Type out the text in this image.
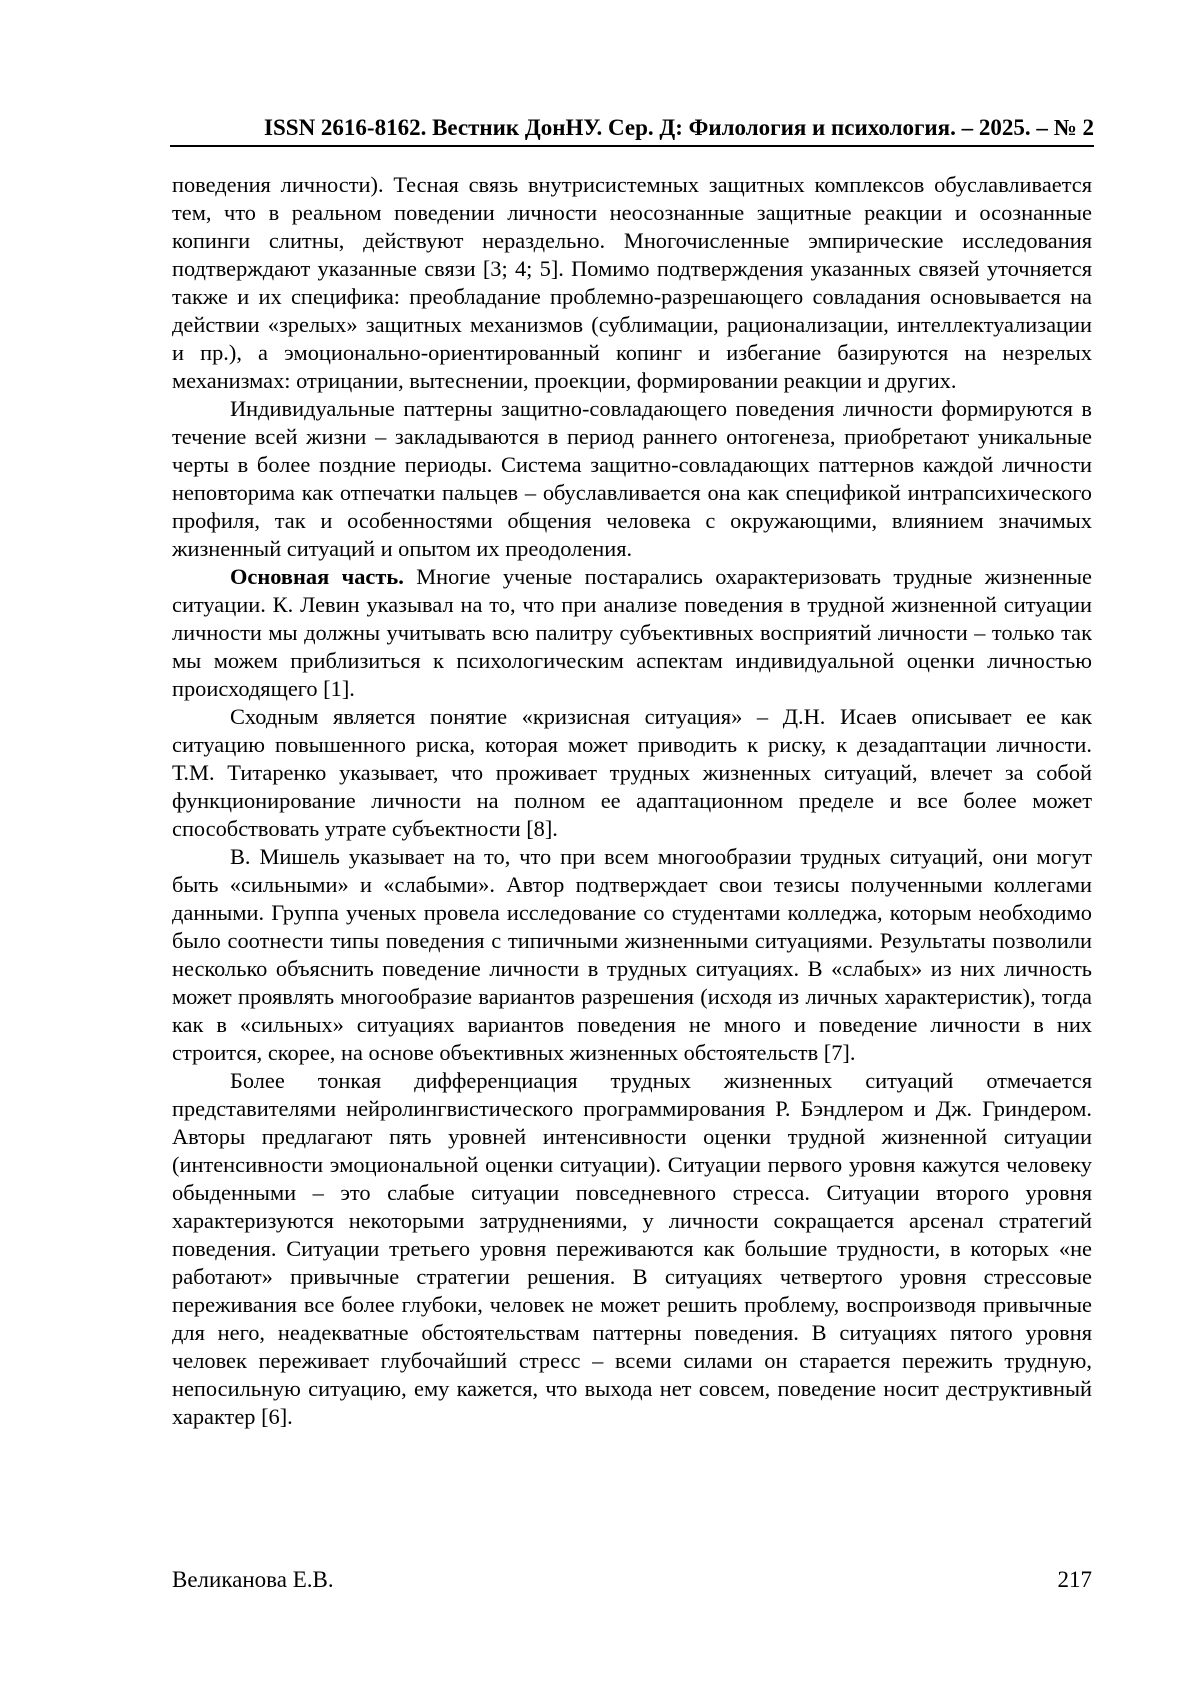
ISSN 2616-8162. Вестник ДонНУ. Сер. Д: Филология и психология. – 2025. – № 2

поведения личности). Тесная связь внутрисистемных защитных комплексов обуславливается тем, что в реальном поведении личности неосознанные защитные реакции и осознанные копинги слитны, действуют нераздельно. Многочисленные эмпирические исследования подтверждают указанные связи [3; 4; 5]. Помимо подтверждения указанных связей уточняется также и их специфика: преобладание проблемно-разрешающего совладания основывается на действии «зрелых» защитных механизмов (сублимации, рационализации, интеллектуализации и пр.), а эмоционально-ориентированный копинг и избегание базируются на незрелых механизмах: отрицании, вытеснении, проекции, формировании реакции и других.

Индивидуальные паттерны защитно-совладающего поведения личности формируются в течение всей жизни – закладываются в период раннего онтогенеза, приобретают уникальные черты в более поздние периоды. Система защитно-совладающих паттернов каждой личности неповторима как отпечатки пальцев – обуславливается она как спецификой интрапсихического профиля, так и особенностями общения человека с окружающими, влиянием значимых жизненный ситуаций и опытом их преодоления.

Основная часть. Многие ученые постарались охарактеризовать трудные жизненные ситуации. К. Левин указывал на то, что при анализе поведения в трудной жизненной ситуации личности мы должны учитывать всю палитру субъективных восприятий личности – только так мы можем приблизиться к психологическим аспектам индивидуальной оценки личностью происходящего [1].

Сходным является понятие «кризисная ситуация» – Д.Н. Исаев описывает ее как ситуацию повышенного риска, которая может приводить к риску, к дезадаптации личности. Т.М. Титаренко указывает, что проживает трудных жизненных ситуаций, влечет за собой функционирование личности на полном ее адаптационном пределе и все более может способствовать утрате субъектности [8].

В. Мишель указывает на то, что при всем многообразии трудных ситуаций, они могут быть «сильными» и «слабыми». Автор подтверждает свои тезисы полученными коллегами данными. Группа ученых провела исследование со студентами колледжа, которым необходимо было соотнести типы поведения с типичными жизненными ситуациями. Результаты позволили несколько объяснить поведение личности в трудных ситуациях. В «слабых» из них личность может проявлять многообразие вариантов разрешения (исходя из личных характеристик), тогда как в «сильных» ситуациях вариантов поведения не много и поведение личности в них строится, скорее, на основе объективных жизненных обстоятельств [7].

Более тонкая дифференциация трудных жизненных ситуаций отмечается представителями нейролингвистического программирования Р. Бэндлером и Дж. Гриндером. Авторы предлагают пять уровней интенсивности оценки трудной жизненной ситуации (интенсивности эмоциональной оценки ситуации). Ситуации первого уровня кажутся человеку обыденными – это слабые ситуации повседневного стресса. Ситуации второго уровня характеризуются некоторыми затруднениями, у личности сокращается арсенал стратегий поведения. Ситуации третьего уровня переживаются как большие трудности, в которых «не работают» привычные стратегии решения. В ситуациях четвертого уровня стрессовые переживания все более глубоки, человек не может решить проблему, воспроизводя привычные для него, неадекватные обстоятельствам паттерны поведения. В ситуациях пятого уровня человек переживает глубочайший стресс – всеми силами он старается пережить трудную, непосильную ситуацию, ему кажется, что выхода нет совсем, поведение носит деструктивный характер [6].

Великанова Е.В.	217
